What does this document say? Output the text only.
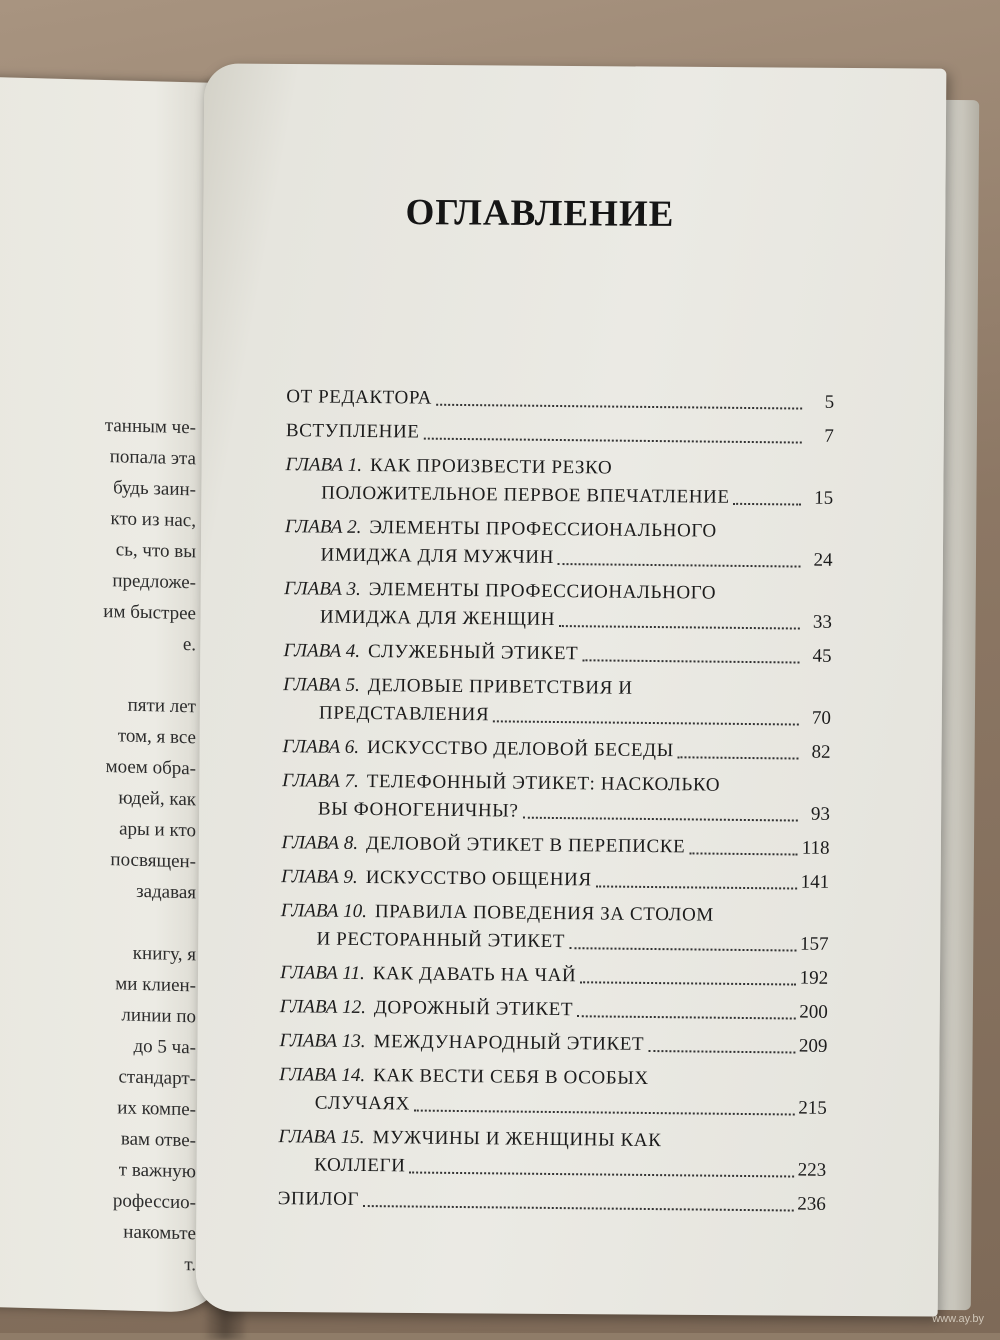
танным че-
попала эта
будь заин-
кто из нас,
сь, что вы
предложе-
им быстрее
е.
пяти лет
том, я все
моем обра-
юдей, как
ары и кто
посвящен-
задавая
книгу, я
ми клиен-
линии по
до 5 ча-
стандарт-
их компе-
вам отве-
т важную
рофессио-
накомьте
т.
ОГЛАВЛЕНИЕ
ОТ РЕДАКТОРА	5
ВСТУПЛЕНИЕ	7
ГЛАВА 1. КАК ПРОИЗВЕСТИ РЕЗКО
ПОЛОЖИТЕЛЬНОЕ ПЕРВОЕ ВПЕЧАТЛЕНИЕ	15
ГЛАВА 2. ЭЛЕМЕНТЫ ПРОФЕССИОНАЛЬНОГО
ИМИДЖА ДЛЯ МУЖЧИН	24
ГЛАВА 3. ЭЛЕМЕНТЫ ПРОФЕССИОНАЛЬНОГО
ИМИДЖА ДЛЯ ЖЕНЩИН	33
ГЛАВА 4. СЛУЖЕБНЫЙ ЭТИКЕТ	45
ГЛАВА 5. ДЕЛОВЫЕ ПРИВЕТСТВИЯ И
ПРЕДСТАВЛЕНИЯ	70
ГЛАВА 6. ИСКУССТВО ДЕЛОВОЙ БЕСЕДЫ	82
ГЛАВА 7. ТЕЛЕФОННЫЙ ЭТИКЕТ: НАСКОЛЬКО
ВЫ ФОНОГЕНИЧНЫ?	93
ГЛАВА 8. ДЕЛОВОЙ ЭТИКЕТ В ПЕРЕПИСКЕ	118
ГЛАВА 9. ИСКУССТВО ОБЩЕНИЯ	141
ГЛАВА 10. ПРАВИЛА ПОВЕДЕНИЯ ЗА СТОЛОМ
И РЕСТОРАННЫЙ ЭТИКЕТ	157
ГЛАВА 11. КАК ДАВАТЬ НА ЧАЙ	192
ГЛАВА 12. ДОРОЖНЫЙ ЭТИКЕТ	200
ГЛАВА 13. МЕЖДУНАРОДНЫЙ ЭТИКЕТ	209
ГЛАВА 14. КАК ВЕСТИ СЕБЯ В ОСОБЫХ
СЛУЧАЯХ	215
ГЛАВА 15. МУЖЧИНЫ И ЖЕНЩИНЫ КАК
КОЛЛЕГИ	223
ЭПИЛОГ	236
www.ay.by
